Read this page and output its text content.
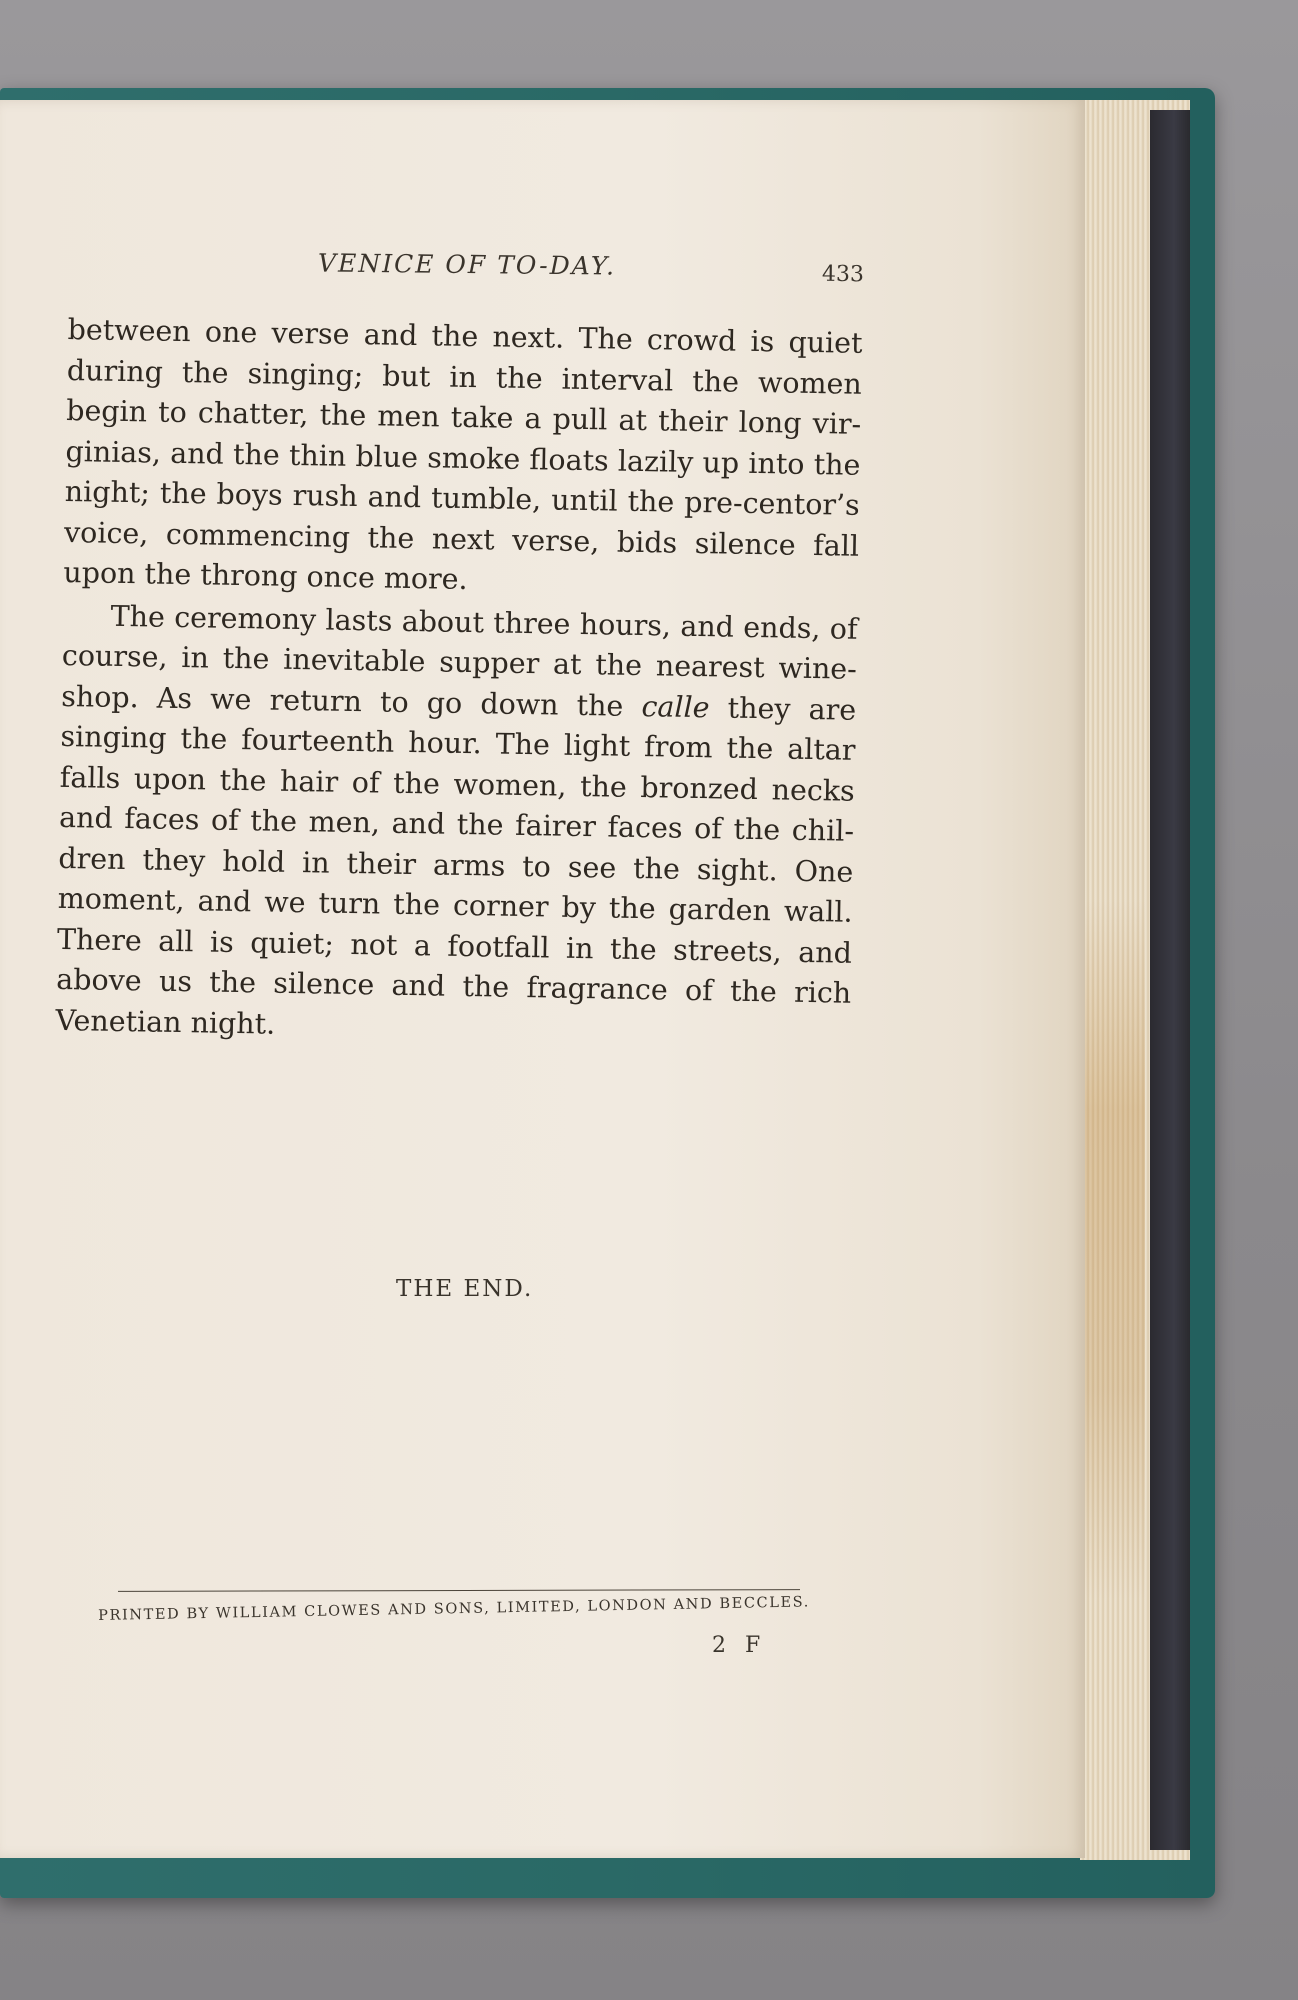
VENICE OF TO-DAY.	433

between one verse and the next. The crowd is quiet during the singing; but in the interval the women begin to chatter, the men take a pull at their long vir-ginias, and the thin blue smoke floats lazily up into the night; the boys rush and tumble, until the pre-centor’s voice, commencing the next verse, bids silence fall upon the throng once more.

The ceremony lasts about three hours, and ends, of course, in the inevitable supper at the nearest wine-shop. As we return to go down the calle they are singing the fourteenth hour. The light from the altar falls upon the hair of the women, the bronzed necks and faces of the men, and the fairer faces of the chil-dren they hold in their arms to see the sight. One moment, and we turn the corner by the garden wall. There all is quiet; not a footfall in the streets, and above us the silence and the fragrance of the rich Venetian night.

THE END.
PRINTED BY WILLIAM CLOWES AND SONS, LIMITED, LONDON AND BECCLES.
2 F
